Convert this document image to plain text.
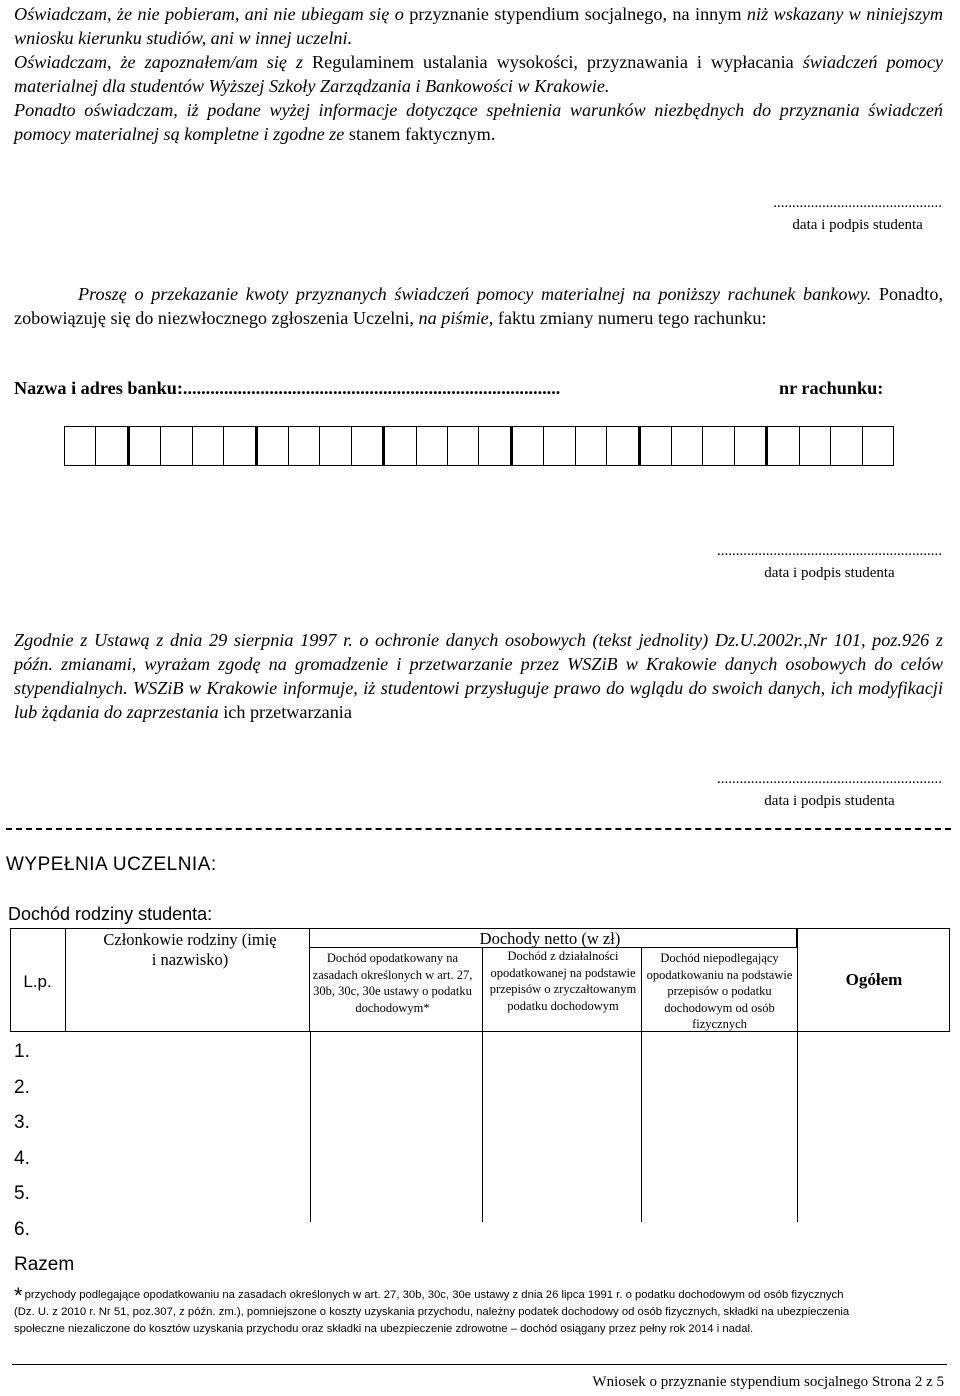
Oświadczam, że nie pobieram, ani nie ubiegam się o przyznanie stypendium socjalnego, na innym niż wskazany w niniejszym wniosku kierunku studiów, ani w innej uczelni.
Oświadczam, że zapoznałem/am się z Regulaminem ustalania wysokości, przyznawania i wypłacania świadczeń pomocy materialnej dla studentów Wyższej Szkoły Zarządzania i Bankowości w Krakowie.
Ponadto oświadczam, iż podane wyżej informacje dotyczące spełnienia warunków niezbędnych do przyznania świadczeń pomocy materialnej są kompletne i zgodne ze stanem faktycznym.
.............................................
data i podpis studenta
Proszę o przekazanie kwoty przyznanych świadczeń pomocy materialnej na poniższy rachunek bankowy. Ponadto, zobowiązuję się do niezwłocznego zgłoszenia Uczelni, na piśmie, faktu zmiany numeru tego rachunku:
Nazwa i adres banku:...................................................................................	nr rachunku:
............................................................
data i podpis studenta
Zgodnie z Ustawą z dnia 29 sierpnia 1997 r. o ochronie danych osobowych (tekst jednolity) Dz.U.2002r.,Nr 101, poz.926 z późn. zmianami, wyrażam zgodę na gromadzenie i przetwarzanie przez WSZiB w Krakowie danych osobowych do celów stypendialnych. WSZiB w Krakowie informuje, iż studentowi przysługuje prawo do wglądu do swoich danych, ich modyfikacji lub żądania do zaprzestania ich przetwarzania
............................................................
data i podpis studenta
WYPEŁNIA UCZELNIA:
Dochód rodziny studenta:
L.p.
Członkowie rodziny (imię i nazwisko)
Dochody netto (w zł)
Dochód opodatkowany na zasadach określonych w art. 27, 30b, 30c, 30e ustawy o podatku dochodowym*
Dochód z działalności opodatkowanej na podstawie przepisów o zryczałtowanym podatku dochodowym
Dochód niepodlegający opodatkowaniu na podstawie przepisów o podatku dochodowym od osób fizycznych
Ogółem
1.
2.
3.
4.
5.
6.
Razem
* przychody podlegające opodatkowaniu na zasadach określonych w art. 27, 30b, 30c, 30e ustawy z dnia 26 lipca 1991 r. o podatku dochodowym od osób fizycznych
(Dz. U. z 2010 r. Nr 51, poz.307, z późn. zm.), pomniejszone o koszty uzyskania przychodu, należny podatek dochodowy od osób fizycznych, składki na ubezpieczenia
społeczne niezaliczone do kosztów uzyskania przychodu oraz składki na ubezpieczenie zdrowotne – dochód osiągany przez pełny rok 2014 i nadal.
Wniosek o przyznanie stypendium socjalnego Strona 2 z 5
